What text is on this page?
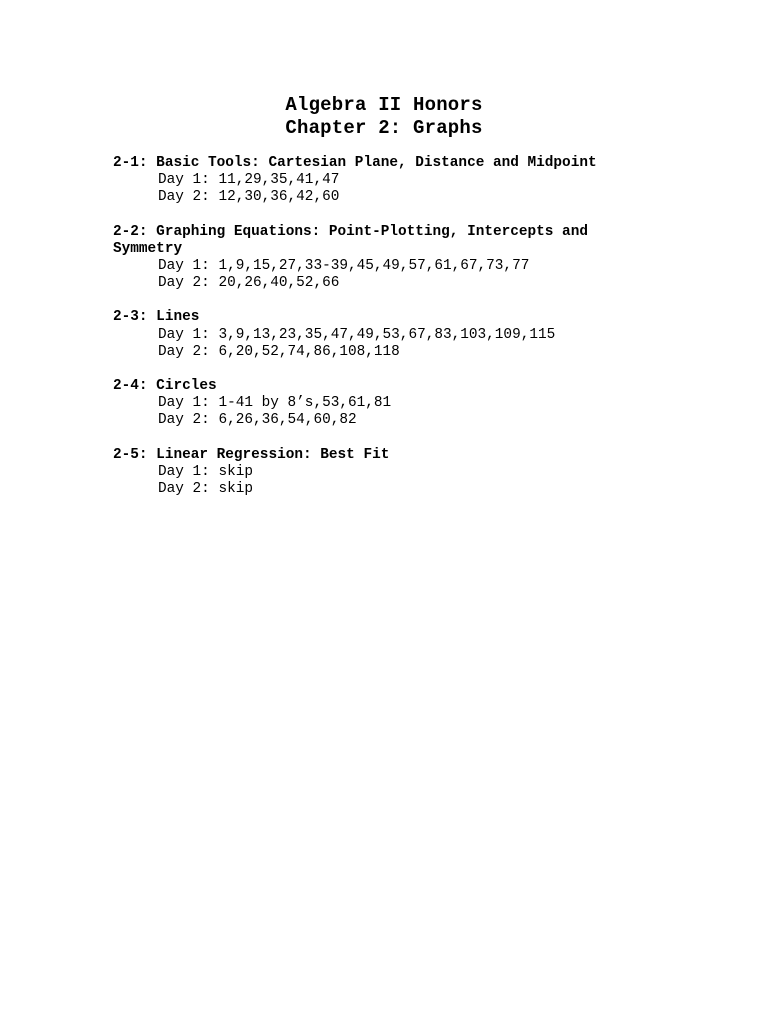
Algebra II Honors
Chapter 2: Graphs
2-1: Basic Tools: Cartesian Plane, Distance and Midpoint
Day 1: 11,29,35,41,47
Day 2: 12,30,36,42,60
2-2: Graphing Equations: Point-Plotting, Intercepts and Symmetry
Day 1: 1,9,15,27,33-39,45,49,57,61,67,73,77
Day 2: 20,26,40,52,66
2-3: Lines
Day 1: 3,9,13,23,35,47,49,53,67,83,103,109,115
Day 2: 6,20,52,74,86,108,118
2-4: Circles
Day 1: 1-41 by 8’s,53,61,81
Day 2: 6,26,36,54,60,82
2-5: Linear Regression: Best Fit
Day 1: skip
Day 2: skip
